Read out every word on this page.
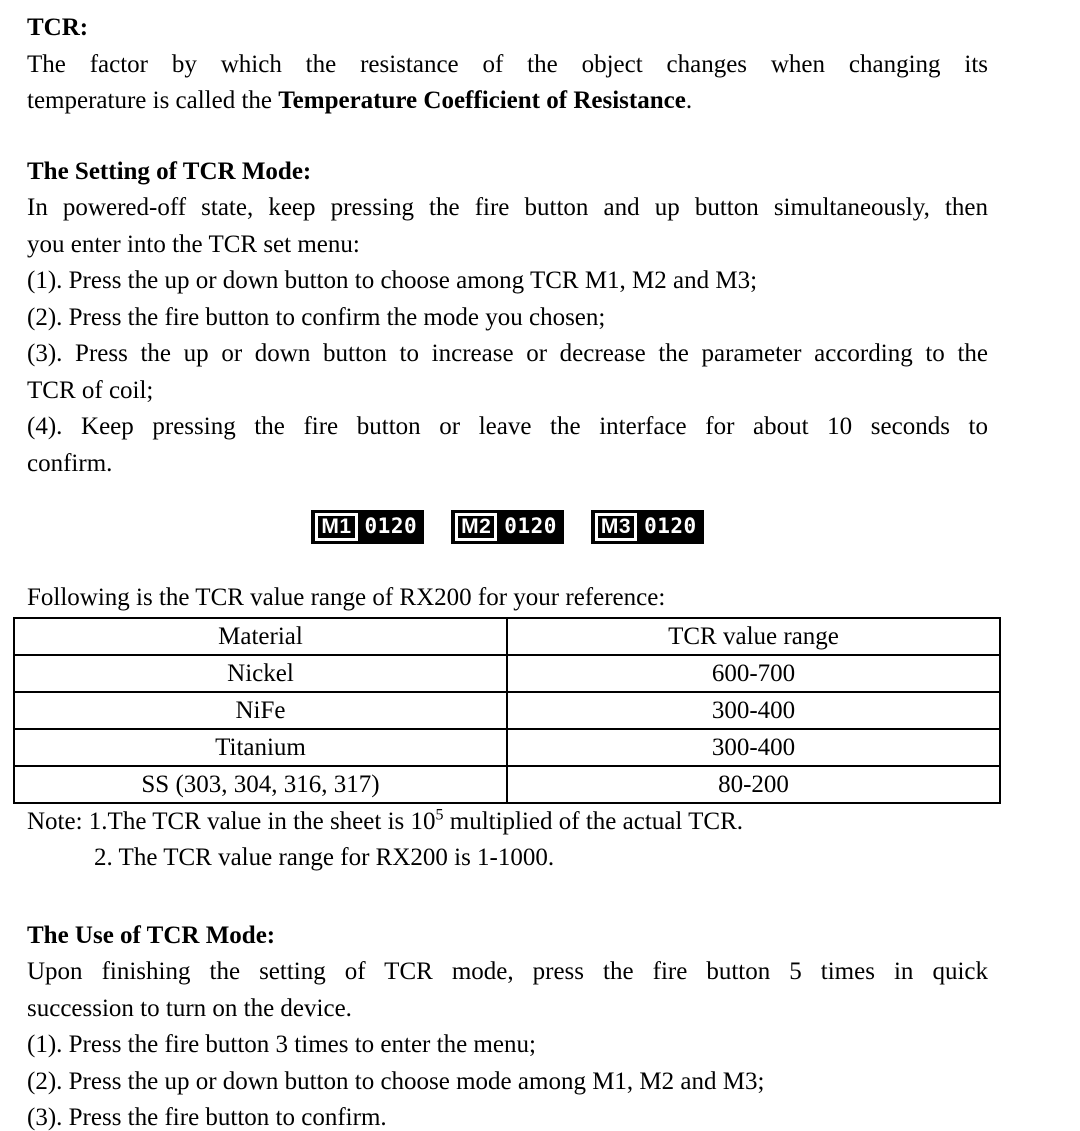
TCR:
The factor by which the resistance of the object changes when changing its
temperature is called the Temperature Coefficient of Resistance.
The Setting of TCR Mode:
In powered-off state, keep pressing the fire button and up button simultaneously, then
you enter into the TCR set menu:
(1). Press the up or down button to choose among TCR M1, M2 and M3;
(2). Press the fire button to confirm the mode you chosen;
(3). Press the up or down button to increase or decrease the parameter according to the
TCR of coil;
(4). Keep pressing the fire button or leave the interface for about 10 seconds to
confirm.
M1 0120 M2 0120 M3 0120
Following is the TCR value range of RX200 for your reference:
Material	TCR value range
Nickel	600-700
NiFe	300-400
Titanium	300-400
SS (303, 304, 316, 317)	80-200
Note: 1.The TCR value in the sheet is 10$^5$ multiplied of the actual TCR.
2. The TCR value range for RX200 is 1-1000.
The Use of TCR Mode:
Upon finishing the setting of TCR mode, press the fire button 5 times in quick
succession to turn on the device.
(1). Press the fire button 3 times to enter the menu;
(2). Press the up or down button to choose mode among M1, M2 and M3;
(3). Press the fire button to confirm.
